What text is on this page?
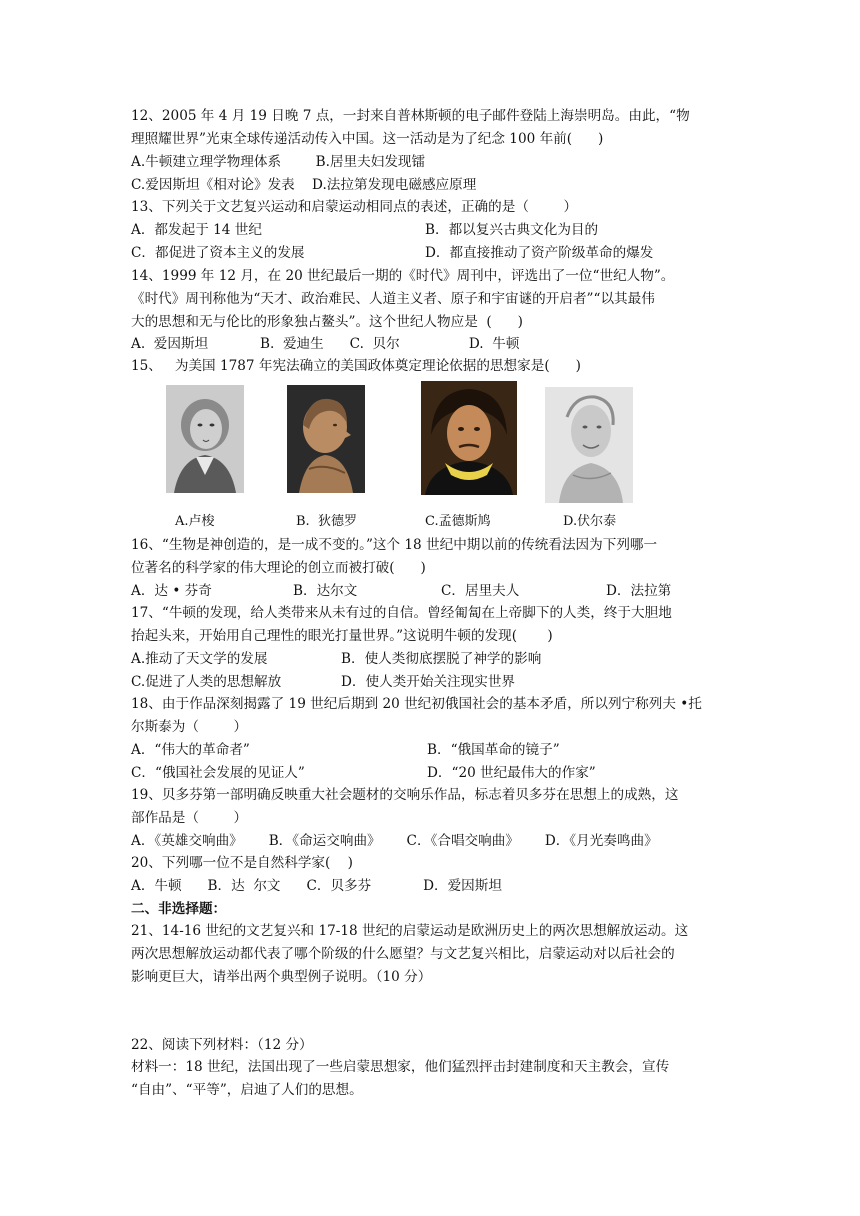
12、2005 年 4 月 19 日晚 7 点，一封来自普林斯顿的电子邮件登陆上海崇明岛。由此，“物
理照耀世界”光束全球传递活动传入中国。这一活动是为了纪念 100 年前(      )
A.牛顿建立理学物理体系        B.居里夫妇发现镭
C.爱因斯坦《相对论》发表    D.法拉第发现电磁感应原理
13、下列关于文艺复兴运动和启蒙运动相同点的表述，正确的是（        ）
A．都发起于 14 世纪	B．都以复兴古典文化为目的
C．都促进了资本主义的发展	D．都直接推动了资产阶级革命的爆发
14、1999 年 12 月，在 20 世纪最后一期的《时代》周刊中，评选出了一位“世纪人物”。
《时代》周刊称他为“天才、政治难民、人道主义者、原子和宇宙谜的开启者”“以其最伟
大的思想和无与伦比的形象独占鳌头”。这个世纪人物应是  (      )
A.  爱因斯坦            B.  爱迪生      C.  贝尔                D.  牛顿
15、   为美国 1787 年宪法确立的美国政体奠定理论依据的思想家是(      )
A.卢梭	B.  狄德罗	C.孟德斯鸠	D.伏尔泰
16、“生物是神创造的，是一成不变的。”这个 18 世纪中期以前的传统看法因为下列哪一
位著名的科学家的伟大理论的创立而被打破(      )
A．达 • 芬奇	B．达尔文	C．居里夫人	D．法拉第
17、“牛顿的发现，给人类带来从未有过的自信。曾经匍匐在上帝脚下的人类，终于大胆地
抬起头来，开始用自己理性的眼光打量世界。”这说明牛顿的发现(       )
A.推动了天文学的发展	B．使人类彻底摆脱了神学的影响
C.促进了人类的思想解放	D．使人类开始关注现实世界
18、由于作品深刻揭露了 19 世纪后期到 20 世纪初俄国社会的基本矛盾，所以列宁称列夫 •托
尔斯泰为（        ）
A．“伟大的革命者”	B．“俄国革命的镜子”
C．“俄国社会发展的见证人”	D．“20 世纪最伟大的作家”
19、贝多芬第一部明确反映重大社会题材的交响乐作品，标志着贝多芬在思想上的成熟，这
部作品是（        ）
A．《英雄交响曲》      B．《命运交响曲》      C．《合唱交响曲》      D．《月光奏鸣曲》
20、下列哪一位不是自然科学家(    )
A．牛顿      B．达  尔文      C．贝多芬            D．爱因斯坦
二、非选择题：
21、14-16 世纪的文艺复兴和 17-18 世纪的启蒙运动是欧洲历史上的两次思想解放运动。这
两次思想解放运动都代表了哪个阶级的什么愿望？与文艺复兴相比，启蒙运动对以后社会的
影响更巨大，请举出两个典型例子说明。（10 分）
22、阅读下列材料：（12 分）
材料一：18 世纪，法国出现了一些启蒙思想家，他们猛烈抨击封建制度和天主教会，宣传
“自由”、“平等”，启迪了人们的思想。
